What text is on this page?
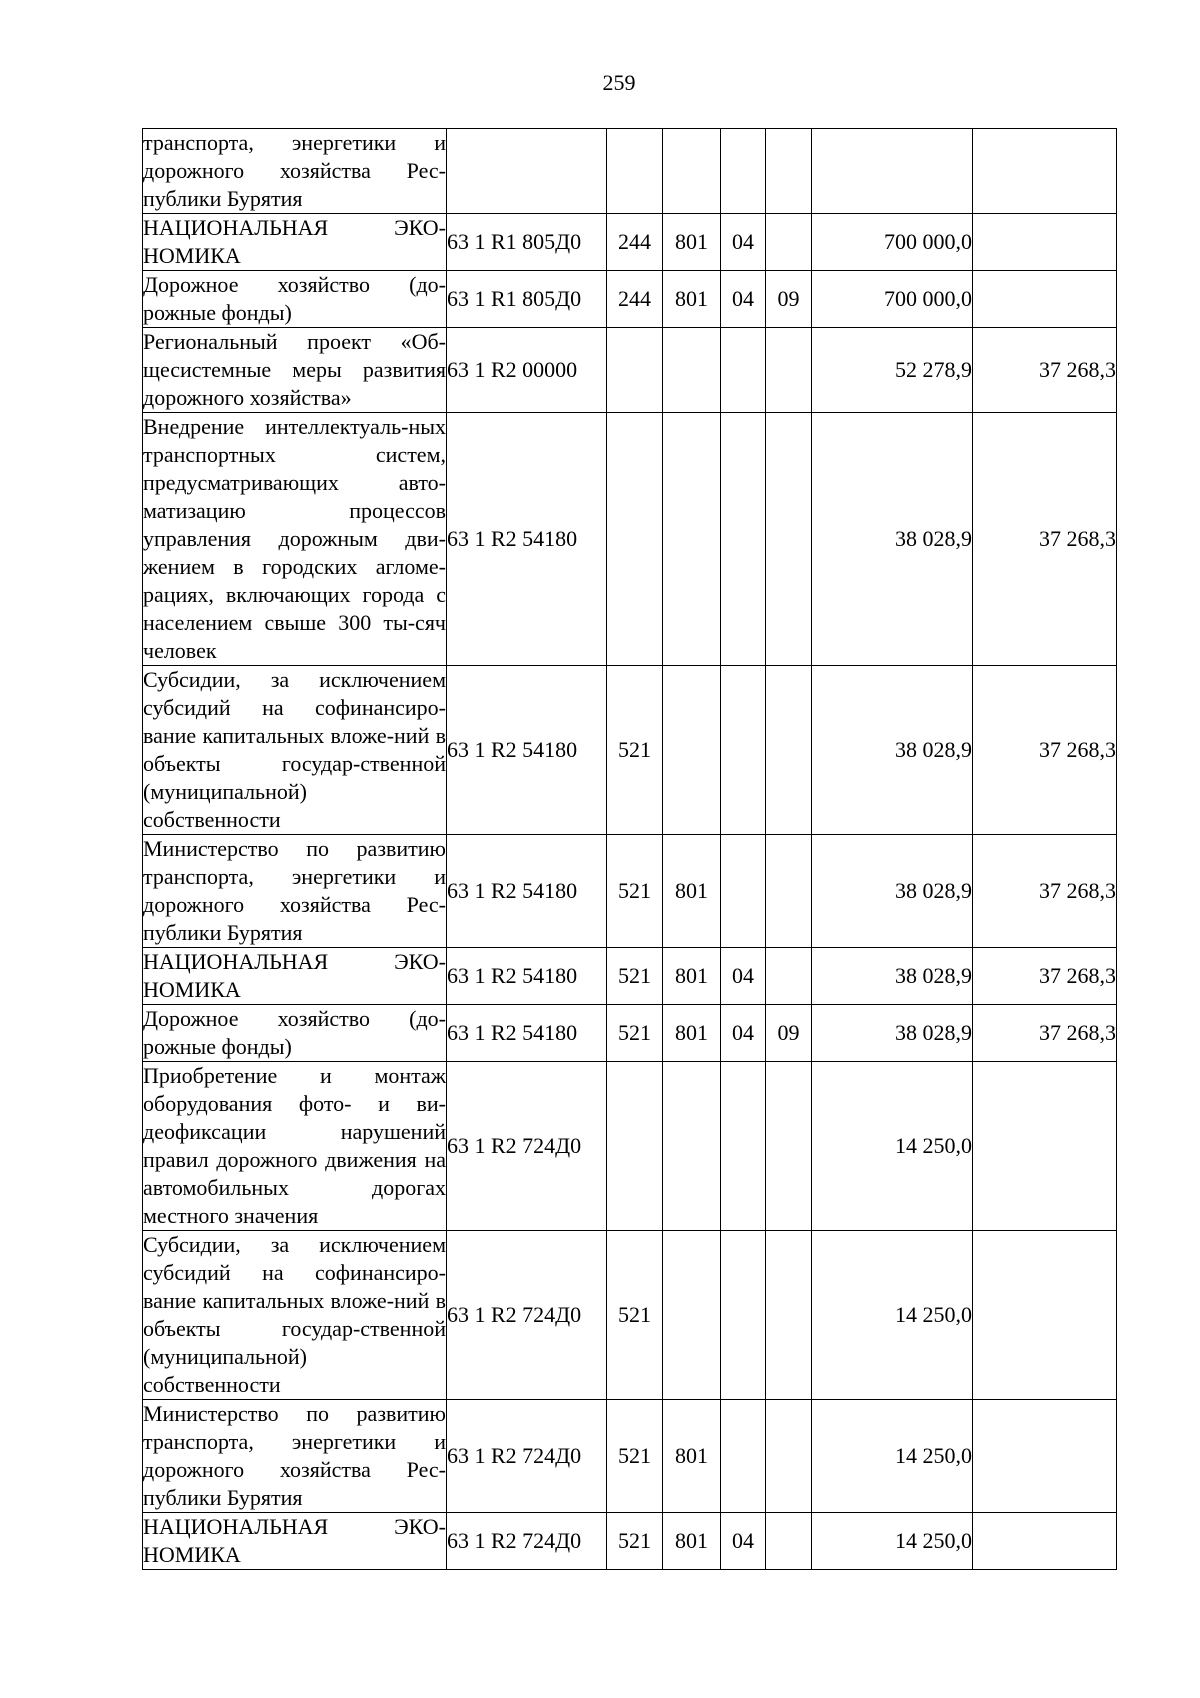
259
транспорта, энергетики и дорожного хозяйства Рес-публики Бурятия							
НАЦИОНАЛЬНАЯ ЭКО-НОМИКА	63 1 R1 805Д0	244	801	04		700 000,0	
Дорожное хозяйство (до-рожные фонды)	63 1 R1 805Д0	244	801	04	09	700 000,0	
Региональный проект «Об-щесистемные меры развития дорожного хозяйства»	63 1 R2 00000					52 278,9	37 268,3
Внедрение интеллектуаль-ных транспортных систем, предусматривающих авто-матизацию процессов управления дорожным дви-жением в городских агломе-рациях, включающих города с населением свыше 300 ты-сяч человек	63 1 R2 54180					38 028,9	37 268,3
Субсидии, за исключением субсидий на софинансиро-вание капитальных вложе-ний в объекты государ-ственной (муниципальной) собственности	63 1 R2 54180	521				38 028,9	37 268,3
Министерство по развитию транспорта, энергетики и дорожного хозяйства Рес-публики Бурятия	63 1 R2 54180	521	801			38 028,9	37 268,3
НАЦИОНАЛЬНАЯ ЭКО-НОМИКА	63 1 R2 54180	521	801	04		38 028,9	37 268,3
Дорожное хозяйство (до-рожные фонды)	63 1 R2 54180	521	801	04	09	38 028,9	37 268,3
Приобретение и монтаж оборудования фото- и ви-деофиксации нарушений правил дорожного движения на автомобильных дорогах местного значения	63 1 R2 724Д0					14 250,0	
Субсидии, за исключением субсидий на софинансиро-вание капитальных вложе-ний в объекты государ-ственной (муниципальной) собственности	63 1 R2 724Д0	521				14 250,0	
Министерство по развитию транспорта, энергетики и дорожного хозяйства Рес-публики Бурятия	63 1 R2 724Д0	521	801			14 250,0	
НАЦИОНАЛЬНАЯ ЭКО-НОМИКА	63 1 R2 724Д0	521	801	04		14 250,0	
